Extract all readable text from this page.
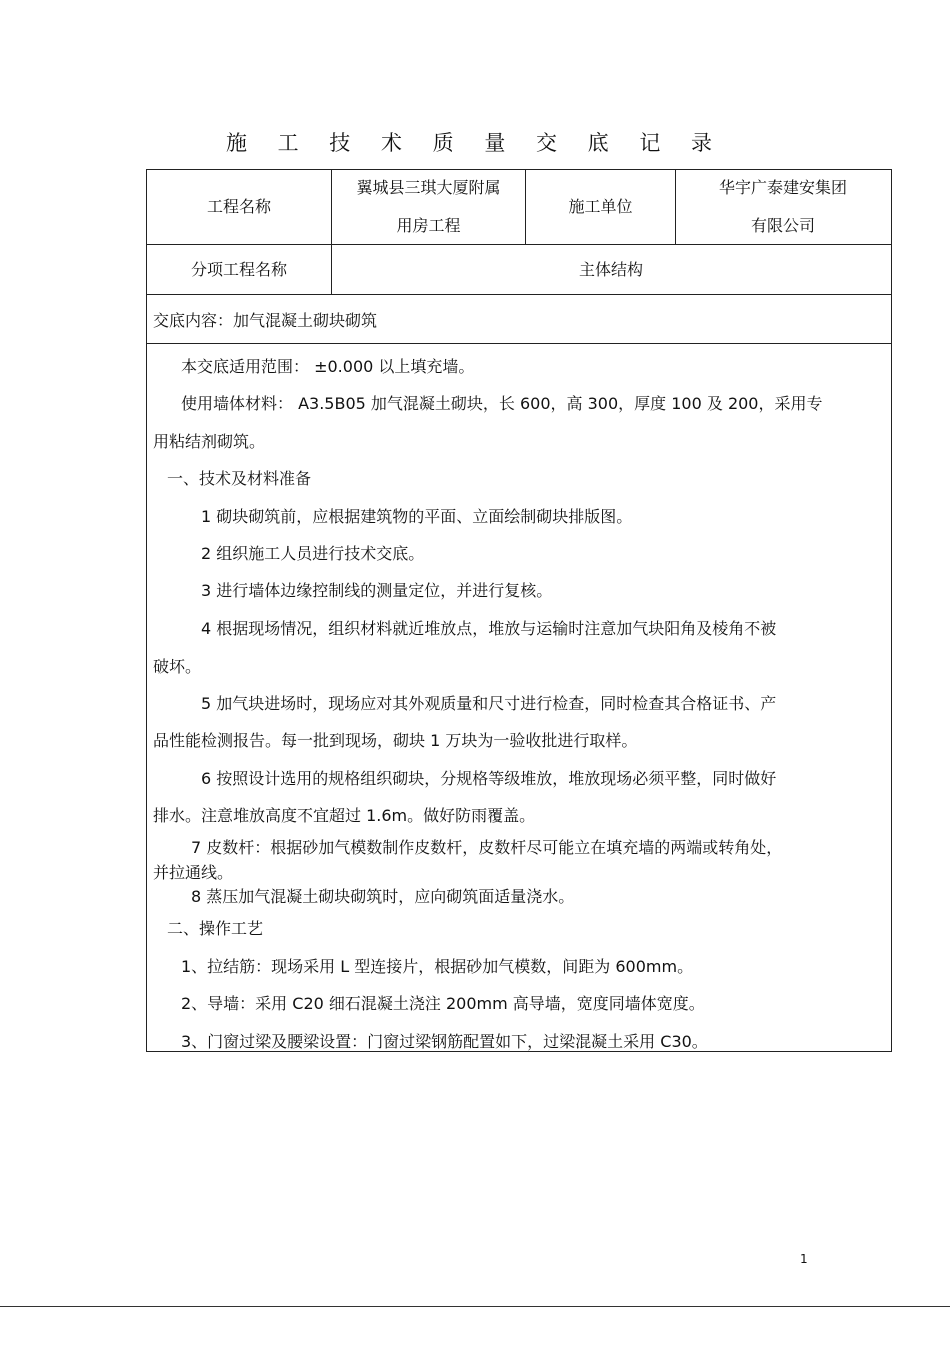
施 工 技 术 质 量 交 底 记 录
工程名称
翼城县三琪大厦附属
用房工程
施工单位
华宇广泰建安集团
有限公司
分项工程名称	主体结构
交底内容：加气混凝土砌块砌筑
本交底适用范围： ±0.000 以上填充墙。
使用墙体材料： A3.5B05 加气混凝土砌块，长 600，高 300，厚度 100 及 200，采用专
用粘结剂砌筑。
一、技术及材料准备
1 砌块砌筑前，应根据建筑物的平面、立面绘制砌块排版图。
2 组织施工人员进行技术交底。
3 进行墙体边缘控制线的测量定位，并进行复核。
4 根据现场情况，组织材料就近堆放点，堆放与运输时注意加气块阳角及棱角不被
破坏。
5 加气块进场时，现场应对其外观质量和尺寸进行检查，同时检查其合格证书、产
品性能检测报告。每一批到现场，砌块 1 万块为一验收批进行取样。
6 按照设计选用的规格组织砌块，分规格等级堆放，堆放现场必须平整，同时做好
排水。注意堆放高度不宜超过 1.6m。做好防雨覆盖。
7 皮数杆：根据砂加气模数制作皮数杆，皮数杆尽可能立在填充墙的两端或转角处，
并拉通线。
8 蒸压加气混凝土砌块砌筑时，应向砌筑面适量浇水。
二、操作工艺
1、拉结筋：现场采用 L 型连接片，根据砂加气模数，间距为 600mm。
2、导墙：采用 C20 细石混凝土浇注 200mm 高导墙，宽度同墙体宽度。
3、门窗过梁及腰梁设置：门窗过梁钢筋配置如下，过梁混凝土采用 C30。
1
